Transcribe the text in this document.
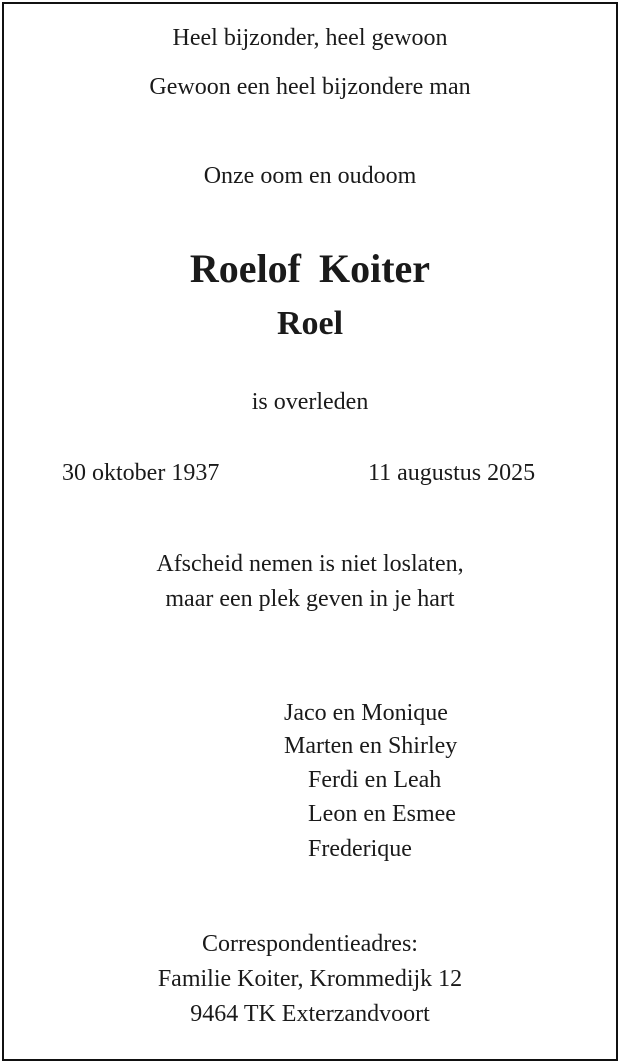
Heel bijzonder, heel gewoon
Gewoon een heel bijzondere man
Onze oom en oudoom
Roelof Koiter
Roel
is overleden
30 oktober 1937	11 augustus 2025
Afscheid nemen is niet loslaten,
maar een plek geven in je hart
Jaco en Monique
Marten en Shirley
Ferdi en Leah
Leon en Esmee
Frederique
Correspondentieadres:
Familie Koiter, Krommedijk 12
9464 TK Exterzandvoort
